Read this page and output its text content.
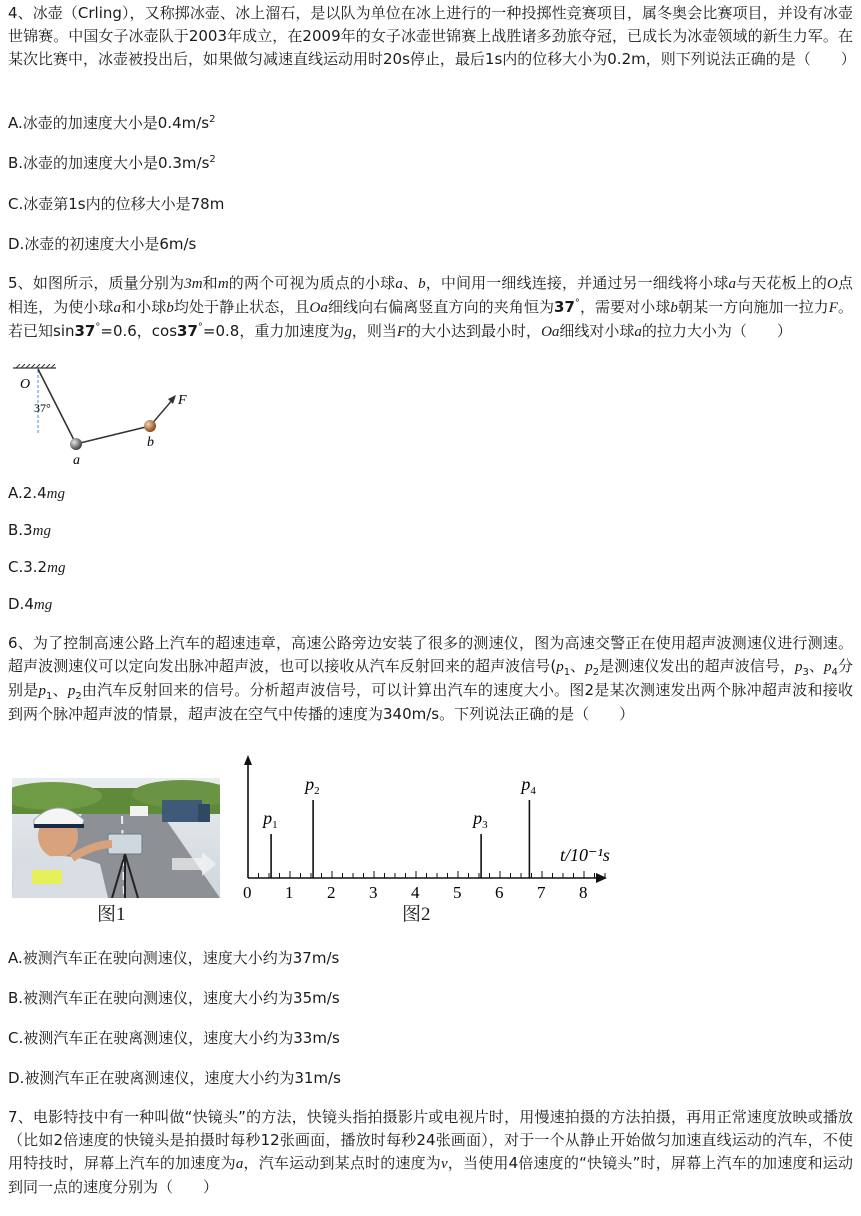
4、冰壶（Crling），又称掷冰壶、冰上溜石，是以队为单位在冰上进行的一种投掷性竞赛项目，属冬奥会比赛项目，并设有冰壶世锦赛。中国女子冰壶队于2003年成立，在2009年的女子冰壶世锦赛上战胜诸多劲旅夺冠，已成长为冰壶领域的新生力军。在某次比赛中，冰壶被投出后，如果做匀减速直线运动用时20s停止，最后1s内的位移大小为0.2m，则下列说法正确的是（　　）

A.冰壶的加速度大小是$0.4m/s^2$

B.冰壶的加速度大小是$0.3m/s^2$

C.冰壶第1s内的位移大小是78m

D.冰壶的初速度大小是6m/s

5、如图所示，质量分别为3m和m的两个可视为质点的小球a、b，中间用一细线连接，并通过另一细线将小球a与天花板上的O点相连，为使小球a和小球b均处于静止状态，且Oa细线向右偏离竖直方向的夹角恒为37°，需要对小球b朝某一方向施加一拉力F。若已知sin37°=0.6，cos37°=0.8，重力加速度为g，则当F的大小达到最小时，Oa细线对小球a的拉力大小为（　　）

O
37°
a
b
F

A.2.4mg

B.3mg

C.3.2mg

D.4mg

6、为了控制高速公路上汽车的超速违章，高速公路旁边安装了很多的测速仪，图为高速交警正在使用超声波测速仪进行测速。超声波测速仪可以定向发出脉冲超声波，也可以接收从汽车反射回来的超声波信号($p_1$、$p_2$是测速仪发出的超声波信号，$p_3$、$p_4$分别是$p_1$、$p_2$由汽车反射回来的信号。分析超声波信号，可以计算出汽车的速度大小。图2是某次测速发出两个脉冲超声波和接收到两个脉冲超声波的情景，超声波在空气中传播的速度为340m/s。下列说法正确的是（　　）

图1
0 1 2 3 4 5 6 7 8
$p_1$
$p_2$
$p_3$
$p_4$
t/10⁻¹s
图2

A.被测汽车正在驶向测速仪，速度大小约为37m/s

B.被测汽车正在驶向测速仪，速度大小约为35m/s

C.被测汽车正在驶离测速仪，速度大小约为33m/s

D.被测汽车正在驶离测速仪，速度大小约为31m/s

7、电影特技中有一种叫做“快镜头”的方法，快镜头指拍摄影片或电视片时，用慢速拍摄的方法拍摄，再用正常速度放映或播放（比如2倍速度的快镜头是拍摄时每秒12张画面，播放时每秒24张画面），对于一个从静止开始做匀加速直线运动的汽车，不使用特技时，屏幕上汽车的加速度为a，汽车运动到某点时的速度为v，当使用4倍速度的“快镜头”时，屏幕上汽车的加速度和运动到同一点的速度分别为（　　）
